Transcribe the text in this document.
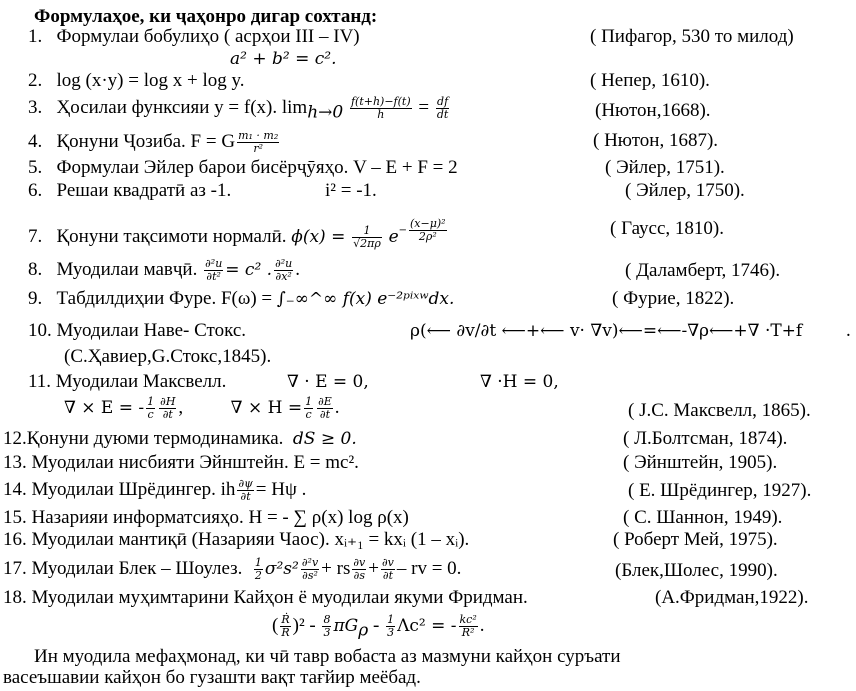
Формулаҳое, ки ҷаҳонро дигар сохтанд:
1. Формулаи бобулиҳо ( асрҳои III – IV)	( Пифагор, 530 то милод)
a² + b² = c².
2. log (x·y) = log x + log y.	( Непер, 1610).
3. Ҳосилаи функсияи y = f(x). $\lim_{h\to 0} \frac{f(t+h)-f(t)}{h} = \frac{df}{dt}$	(Нютон,1668).
4. Қонуни Ҷозиба. F = G $\frac{\text{m₁ · m₂}}{\text{r²}}$	( Нютон, 1687).
5. Формулаи Эйлер барои бисёрҷӯяҳо. V – E + F = 2	( Эйлер, 1751).
6. Решаи квадратӣ аз -1.	i² = -1.	( Эйлер, 1750).
7. Қонуни тақсимоти нормалӣ. $\phi(x) = \frac{1}{√2\pi\rho} e- \frac{\text{(x−μ)²}}{\text{2ρ²}}$	( Гаусс, 1810).
8. Муодилаи мавҷӣ. $\frac{\text{∂²u}}{\text{∂t²}} = c^2$ . $\frac{\text{∂²u}}{\text{∂x²}}$ .	( Даламберт, 1746).
9. Табдилдиҳии Фуре. F(ω) = ∫₋∞^∞ f(x) e⁻²ᵖⁱˣʷdx.	( Фурие, 1822).
10. Муодилаи Наве- Стокс.	ρ(⟵ ∂v/∂t ⟵+⟵ v· ∇v)⟵=⟵-∇ρ⟵+∇ ·T+f .
(С.Ҳавиер,G.Стокс,1845).
11. Муодилаи Максвелл.	∇ · E = 0,	∇ ·H = 0,
∇ × E = - $\frac{1}{c} \frac{\partial H}{\partial t}$ ,	∇ × $H = \frac{1}{c} \frac{\partial E}{\partial t}$ .	( J.C. Максвелл, 1865).
12.Қонуни дуюми термодинамика. dS ≥ 0.	( Л.Болтсман, 1874).
13. Муодилаи нисбияти Эйнштейн. E = mc².	( Эйнштейн, 1905).
14. Муодилаи Шрёдингер. ih $\frac{\partial\psi}{\partial t} = H\psi$ .	( Е. Шрёдингер, 1927).
15. Назарияи информатсияҳо. H = - ∑ ρ(x) log ρ(x)	( С. Шаннон, 1949).
16. Муодилаи мантиқӣ (Назарияи Чаос). xᵢ₊₁ = kxᵢ (1 – xᵢ).	( Роберт Мей, 1975).
17. Муодилаи Блек – Шоулез. $\frac{1}{2} \sigma^2s^2 \frac{\text{∂²v}}{\text{∂s²}}$ + rs $\frac{\partial v}{\partial s} + \frac{\partial v}{\partial t}$ – rv = 0.	(Блек,Шолес, 1990).
18. Муодилаи муҳимтарини Кайҳон ё муодилаи якуми Фридман.	(А.Фридман,1922).
( $\frac{\text{Ṙ}}{R} )^2 - \frac{8}{3} \pi G_\rho - \frac{1}{3} \Lambda c^2$ = - $\frac{\text{kc²}}{\text{R²}}$ .
Ин муодила мефаҳмонад, ки чӣ тавр вобаста аз мазмуни кайҳон суръати
васеъшавии кайҳон бо гузашти вақт тағйир меёбад.
